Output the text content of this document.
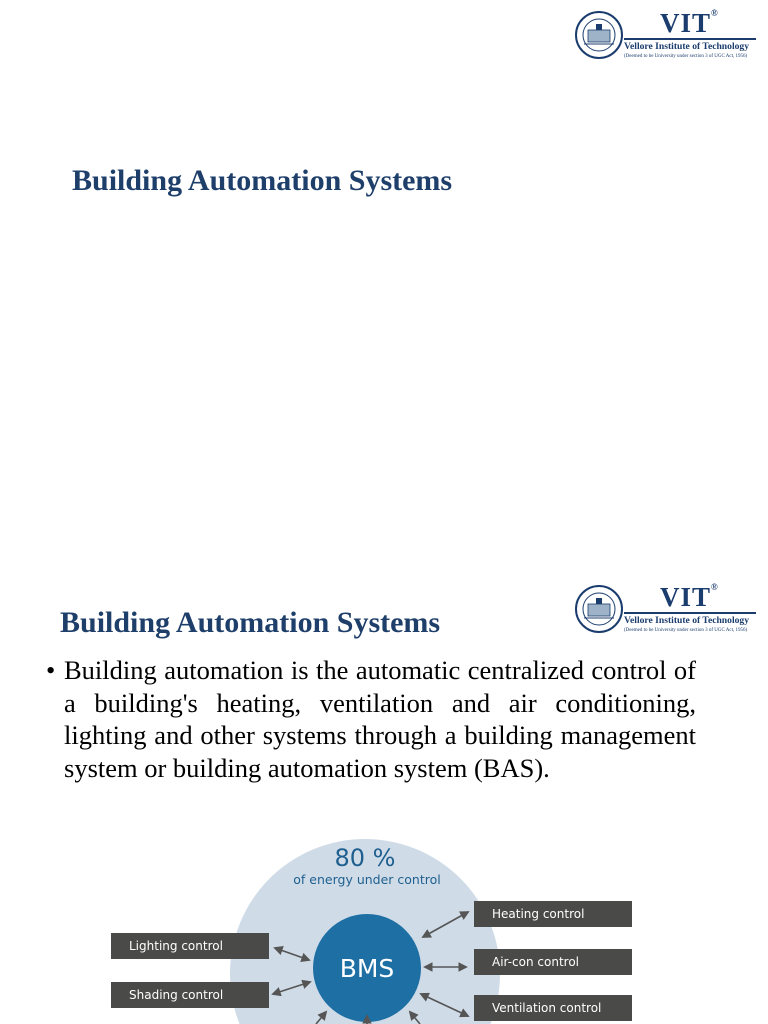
VIT®
Vellore Institute of Technology
(Deemed to be University under section 3 of UGC Act, 1956)
Building Automation Systems
VIT®
Vellore Institute of Technology
(Deemed to be University under section 3 of UGC Act, 1956)
Building Automation Systems
• Building automation is the automatic centralized control of a building's heating, ventilation and air conditioning, lighting and other systems through a building management system or building automation system (BAS).
80 %
of energy under control
BMS
Lighting control
Shading control
Heating control
Air-con control
Ventilation control
